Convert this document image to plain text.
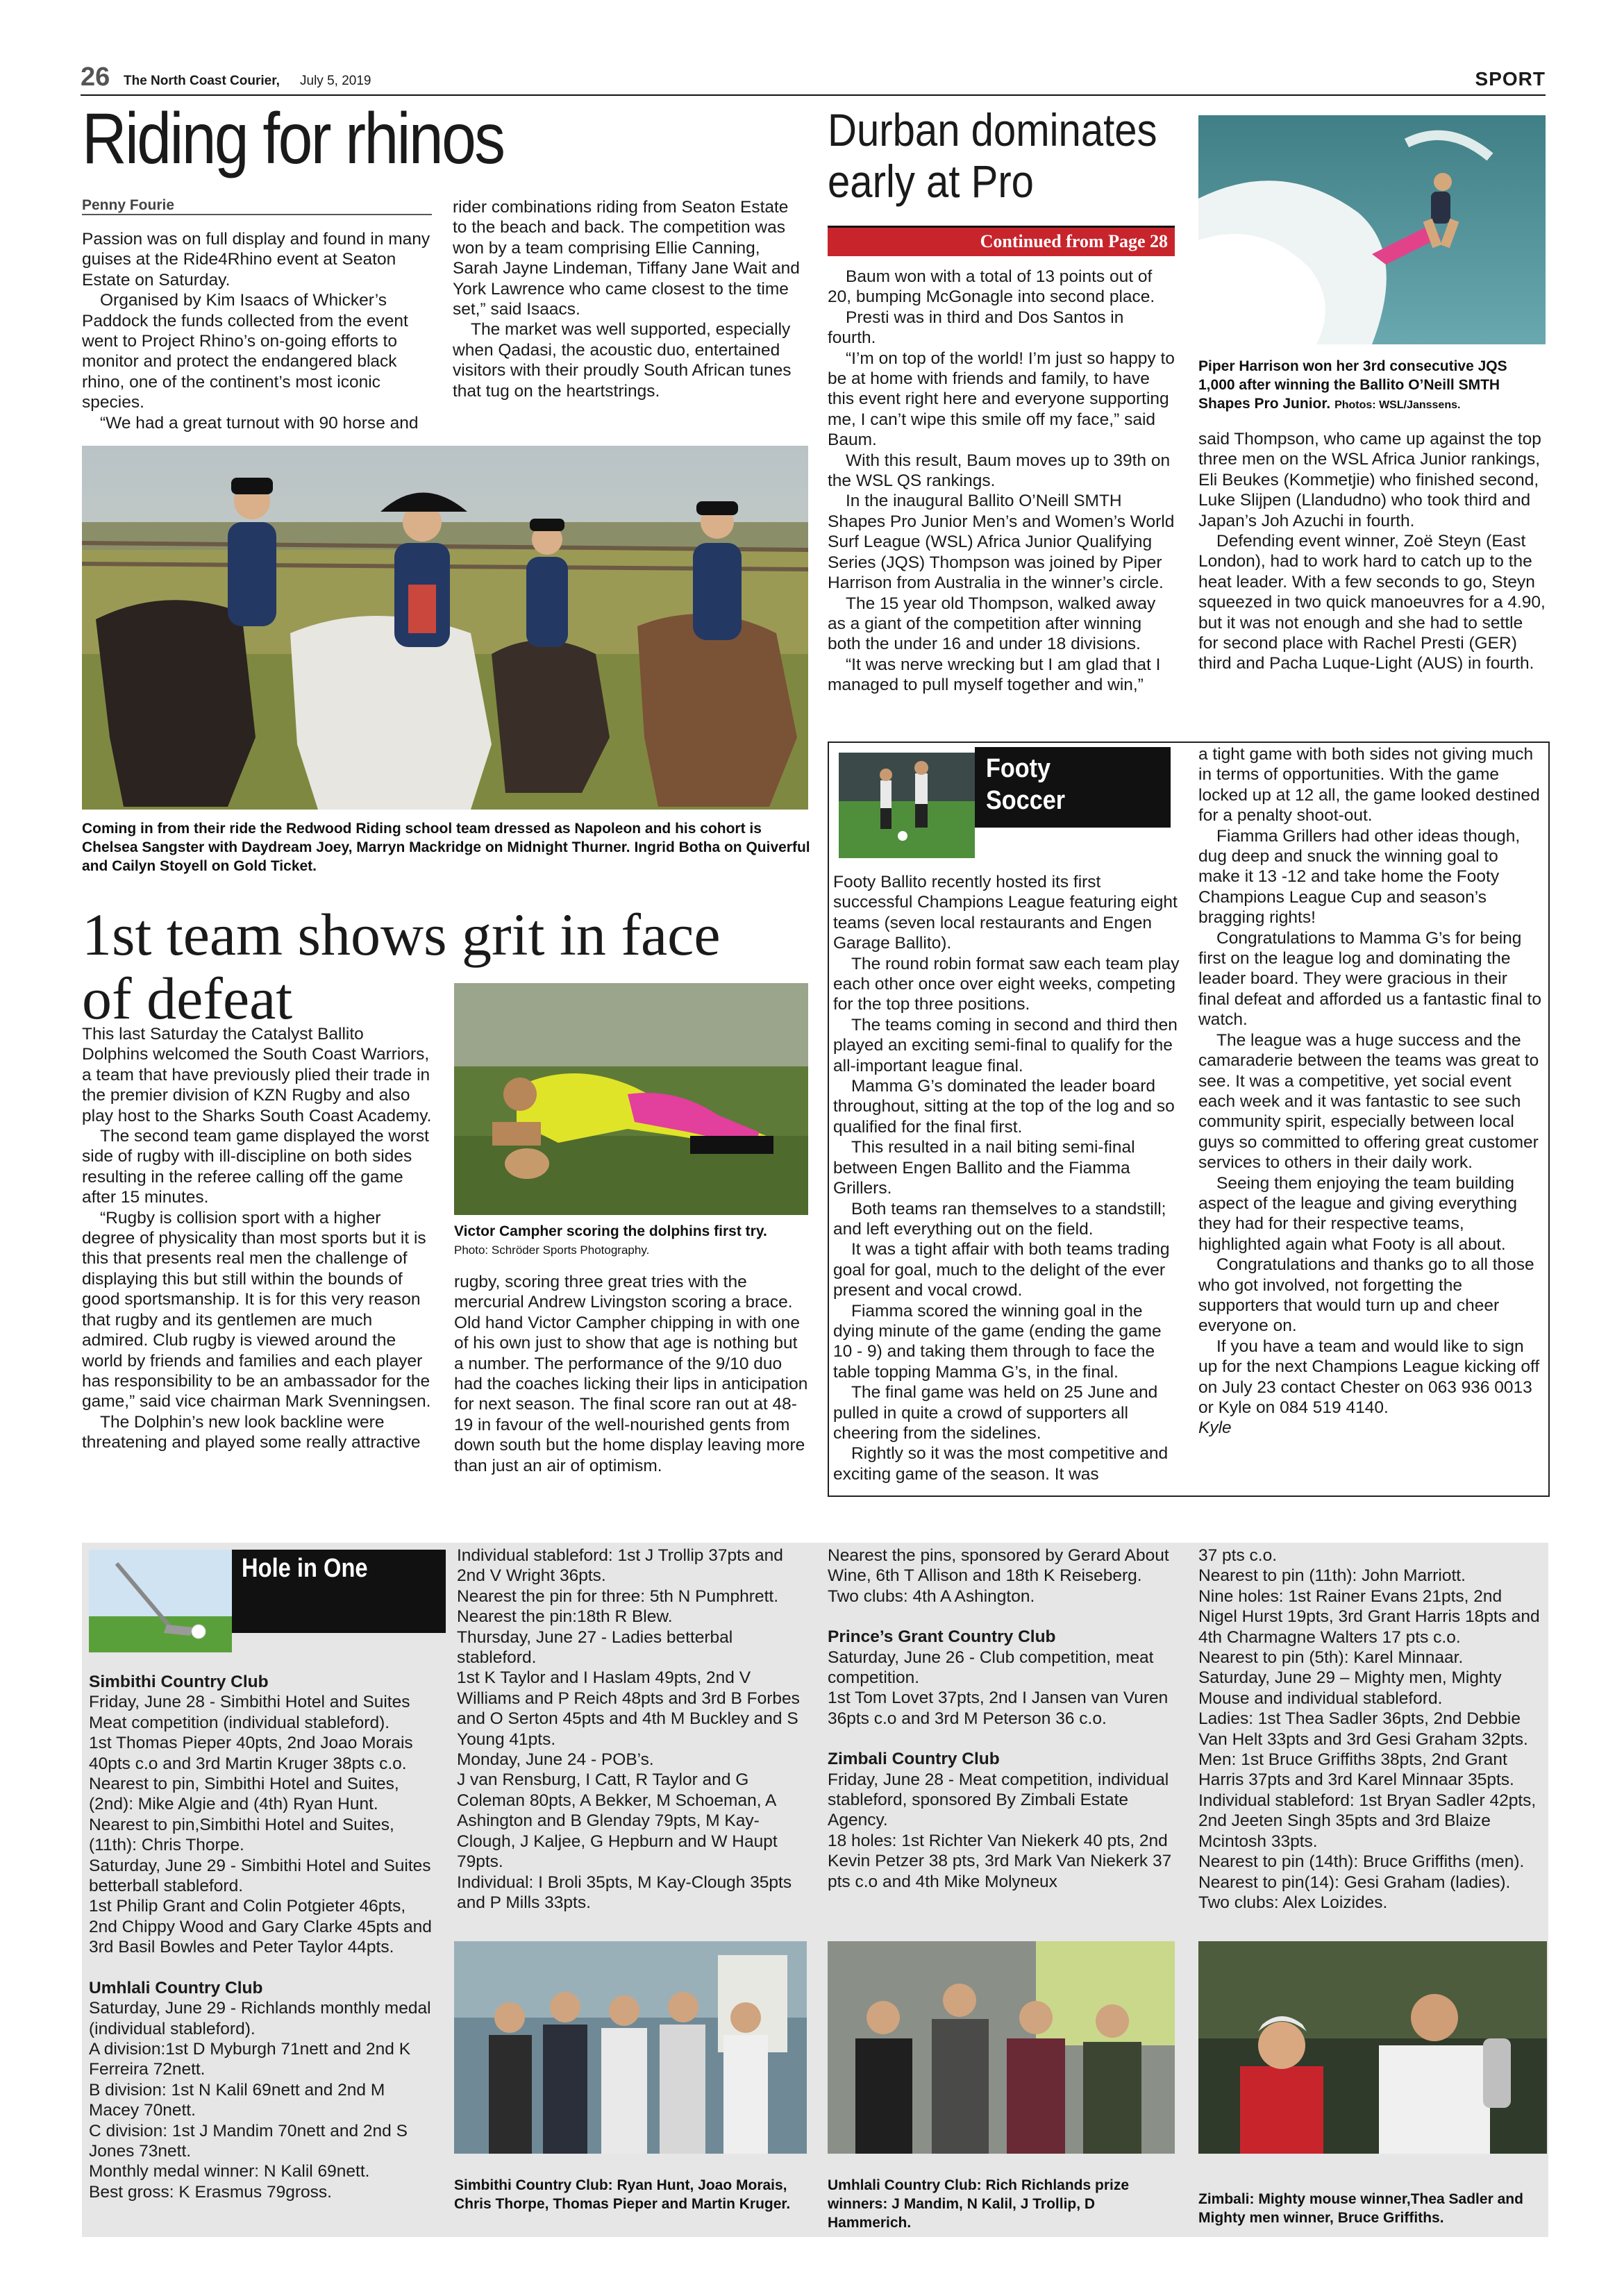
26 The North Coast Courier, July 5, 2019	SPORT
Riding for rhinos
Penny Fourie

Passion was on full display and found in many guises at the Ride4Rhino event at Seaton Estate on Saturday.

Organised by Kim Isaacs of Whicker’s Paddock the funds collected from the event went to Project Rhino’s on-going efforts to monitor and protect the endangered black rhino, one of the continent’s most iconic species.

“We had a great turnout with 90 horse and

rider combinations riding from Seaton Estate to the beach and back. The competition was won by a team comprising Ellie Canning, Sarah Jayne Lindeman, Tiffany Jane Wait and York Lawrence who came closest to the time set,” said Isaacs.

The market was well supported, especially when Qadasi, the acoustic duo, entertained visitors with their proudly South African tunes that tug on the heartstrings.

Coming in from their ride the Redwood Riding school team dressed as Napoleon and his cohort is Chelsea Sangster with Daydream Joey, Marryn Mackridge on Midnight Thurner. Ingrid Botha on Quiverful and Cailyn Stoyell on Gold Ticket.
Durban dominates
early at Pro
Continued from Page 28

Baum won with a total of 13 points out of 20, bumping McGonagle into second place.

Presti was in third and Dos Santos in fourth.

“I’m on top of the world! I’m just so happy to be at home with friends and family, to have this event right here and everyone supporting me, I can’t wipe this smile off my face,” said Baum.

With this result, Baum moves up to 39th on the WSL QS rankings.

In the inaugural Ballito O’Neill SMTH Shapes Pro Junior Men’s and Women’s World Surf League (WSL) Africa Junior Qualifying Series (JQS) Thompson was joined by Piper Harrison from Australia in the winner’s circle.

The 15 year old Thompson, walked away as a giant of the competition after winning both the under 16 and under 18 divisions.

“It was nerve wrecking but I am glad that I managed to pull myself together and win,”

Piper Harrison won her 3rd consecutive JQS 1,000 after winning the Ballito O’Neill SMTH Shapes Pro Junior. Photos: WSL/Janssens.

said Thompson, who came up against the top three men on the WSL Africa Junior rankings, Eli Beukes (Kommetjie) who finished second, Luke Slijpen (Llandudno) who took third and Japan’s Joh Azuchi in fourth.

Defending event winner, Zoë Steyn (East London), had to work hard to catch up to the heat leader. With a few seconds to go, Steyn squeezed in two quick manoeuvres for a 4.90, but it was not enough and she had to settle for second place with Rachel Presti (GER) third and Pacha Luque-Light (AUS) in fourth.

1st team shows grit in face
of defeat

This last Saturday the Catalyst Ballito Dolphins welcomed the South Coast Warriors, a team that have previously plied their trade in the premier division of KZN Rugby and also play host to the Sharks South Coast Academy.

The second team game displayed the worst side of rugby with ill-discipline on both sides resulting in the referee calling off the game after 15 minutes.

“Rugby is collision sport with a higher degree of physicality than most sports but it is this that presents real men the challenge of displaying this but still within the bounds of good sportsmanship. It is for this very reason that rugby and its gentlemen are much admired. Club rugby is viewed around the world by friends and families and each player has responsibility to be an ambassador for the game,” said vice chairman Mark Svenningsen.

The Dolphin’s new look backline were threatening and played some really attractive

Victor Campher scoring the dolphins first try.
Photo: Schröder Sports Photography.

rugby, scoring three great tries with the mercurial Andrew Livingston scoring a brace. Old hand Victor Campher chipping in with one of his own just to show that age is nothing but a number. The performance of the 9/10 duo had the coaches licking their lips in anticipation for next season. The final score ran out at 48-19 in favour of the well-nourished gents from down south but the home display leaving more than just an air of optimism.

Footy
Soccer

Footy Ballito recently hosted its first successful Champions League featuring eight teams (seven local restaurants and Engen Garage Ballito).

The round robin format saw each team play each other once over eight weeks, competing for the top three positions.

The teams coming in second and third then played an exciting semi-final to qualify for the all-important league final.

Mamma G’s dominated the leader board throughout, sitting at the top of the log and so qualified for the final first.

This resulted in a nail biting semi-final between Engen Ballito and the Fiamma Grillers.

Both teams ran themselves to a standstill; and left everything out on the field.

It was a tight affair with both teams trading goal for goal, much to the delight of the ever present and vocal crowd.

Fiamma scored the winning goal in the dying minute of the game (ending the game 10 - 9) and taking them through to face the table topping Mamma G’s, in the final.

The final game was held on 25 June and pulled in quite a crowd of supporters all cheering from the sidelines.

Rightly so it was the most competitive and exciting game of the season. It was

a tight game with both sides not giving much in terms of opportunities. With the game locked up at 12 all, the game looked destined for a penalty shoot-out.

Fiamma Grillers had other ideas though, dug deep and snuck the winning goal to make it 13 -12 and take home the Footy Champions League Cup and season’s bragging rights!

Congratulations to Mamma G’s for being first on the league log and dominating the leader board. They were gracious in their final defeat and afforded us a fantastic final to watch.

The league was a huge success and the camaraderie between the teams was great to see. It was a competitive, yet social event each week and it was fantastic to see such community spirit, especially between local guys so committed to offering great customer services to others in their daily work.

Seeing them enjoying the team building aspect of the league and giving everything they had for their respective teams, highlighted again what Footy is all about.

Congratulations and thanks go to all those who got involved, not forgetting the supporters that would turn up and cheer everyone on.

If you have a team and would like to sign up for the next Champions League kicking off on July 23 contact Chester on 063 936 0013 or Kyle on 084 519 4140.

Kyle

Hole in One

Simbithi Country Club

Friday, June 28 - Simbithi Hotel and Suites Meat competition (individual stableford).

1st Thomas Pieper 40pts, 2nd Joao Morais 40pts c.o and 3rd Martin Kruger 38pts c.o.

Nearest to pin, Simbithi Hotel and Suites, (2nd): Mike Algie and (4th) Ryan Hunt.

Nearest to pin,Simbithi Hotel and Suites, (11th): Chris Thorpe.

Saturday, June 29 - Simbithi Hotel and Suites betterball stableford.

1st Philip Grant and Colin Potgieter 46pts, 2nd Chippy Wood and Gary Clarke 45pts and 3rd Basil Bowles and Peter Taylor 44pts.

Umhlali Country Club

Saturday, June 29 - Richlands monthly medal (individual stableford).

A division:1st D Myburgh 71nett and 2nd K Ferreira 72nett.

B division: 1st N Kalil 69nett and 2nd M Macey 70nett.

C division: 1st J Mandim 70nett and 2nd S Jones 73nett.

Monthly medal winner: N Kalil 69nett.

Best gross: K Erasmus 79gross.

Individual stableford: 1st J Trollip 37pts and 2nd V Wright 36pts.

Nearest the pin for three: 5th N Pumphrett.

Nearest the pin:18th R Blew.

Thursday, June 27 - Ladies betterbal stableford.

1st K Taylor and I Haslam 49pts, 2nd V Williams and P Reich 48pts and 3rd B Forbes and O Serton 45pts and 4th M Buckley and S Young 41pts.

Monday, June 24 - POB’s.

J van Rensburg, I Catt, R Taylor and G Coleman 80pts, A Bekker, M Schoeman, A Ashington and B Glenday 79pts, M Kay-Clough, J Kaljee, G Hepburn and W Haupt 79pts.

Individual: I Broli 35pts, M Kay-Clough 35pts and P Mills 33pts.

Nearest the pins, sponsored by Gerard About Wine, 6th T Allison and 18th K Reiseberg.

Two clubs: 4th A Ashington.

Prince’s Grant Country Club

Saturday, June 26 - Club competition, meat competition.

1st Tom Lovet 37pts, 2nd I Jansen van Vuren 36pts c.o and 3rd M Peterson 36 c.o.

Zimbali Country Club

Friday, June 28 - Meat competition, individual stableford, sponsored By Zimbali Estate Agency.

18 holes: 1st Richter Van Niekerk 40 pts, 2nd Kevin Petzer 38 pts, 3rd Mark Van Niekerk 37 pts c.o and 4th Mike Molyneux

37 pts c.o.

Nearest to pin (11th): John Marriott.

Nine holes: 1st Rainer Evans 21pts, 2nd Nigel Hurst 19pts, 3rd Grant Harris 18pts and 4th Charmagne Walters 17 pts c.o.

Nearest to pin (5th): Karel Minnaar.

Saturday, June 29 – Mighty men, Mighty Mouse and individual stableford.

Ladies: 1st Thea Sadler 36pts, 2nd Debbie Van Helt 33pts and 3rd Gesi Graham 32pts.

Men: 1st Bruce Griffiths 38pts, 2nd Grant Harris 37pts and 3rd Karel Minnaar 35pts.

Individual stableford: 1st Bryan Sadler 42pts, 2nd Jeeten Singh 35pts and 3rd Blaize Mcintosh 33pts.

Nearest to pin (14th): Bruce Griffiths (men).

Nearest to pin(14): Gesi Graham (ladies).

Two clubs: Alex Loizides.

Simbithi Country Club: Ryan Hunt, Joao Morais, Chris Thorpe, Thomas Pieper and Martin Kruger.
Umhlali Country Club: Rich Richlands prize winners: J Mandim, N Kalil, J Trollip, D Hammerich.
Zimbali: Mighty mouse winner,Thea Sadler and Mighty men winner, Bruce Griffiths.
